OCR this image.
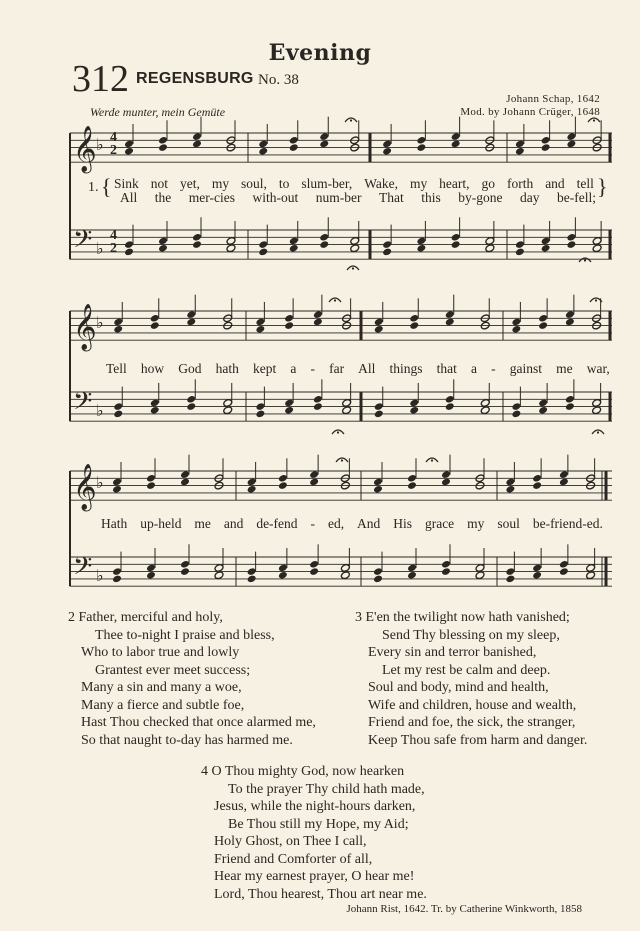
Evening
312 REGENSBURG No. 38
Werde munter, mein Gemüte
Johann Schap, 1642
Mod. by Johann Crüger, 1648
𝄞 ♭
𝄢 ♭
𝄞 ♭
𝄢 ♭
𝄞 ♭
𝄢 ♭
4
2
4
2
1. {	}
Sink not yet, my soul, to slum-ber, Wake, my heart, go forth and tell
All the mer-cies with-out num-ber That this by-gone day be-fell;
Tell how God hath kept a - far All things that a - gainst me war,
Hath up-held me and de-fend - ed, And His grace my soul be-friend-ed.
2 Father, merciful and holy,
Thee to-night I praise and bless,
Who to labor true and lowly
Grantest ever meet success;
Many a sin and many a woe,
Many a fierce and subtle foe,
Hast Thou checked that once alarmed me,
So that naught to-day has harmed me.
3 E'en the twilight now hath vanished;
Send Thy blessing on my sleep,
Every sin and terror banished,
Let my rest be calm and deep.
Soul and body, mind and health,
Wife and children, house and wealth,
Friend and foe, the sick, the stranger,
Keep Thou safe from harm and danger.
4 O Thou mighty God, now hearken
To the prayer Thy child hath made,
Jesus, while the night-hours darken,
Be Thou still my Hope, my Aid;
Holy Ghost, on Thee I call,
Friend and Comforter of all,
Hear my earnest prayer, O hear me!
Lord, Thou hearest, Thou art near me.
Johann Rist, 1642. Tr. by Catherine Winkworth, 1858
